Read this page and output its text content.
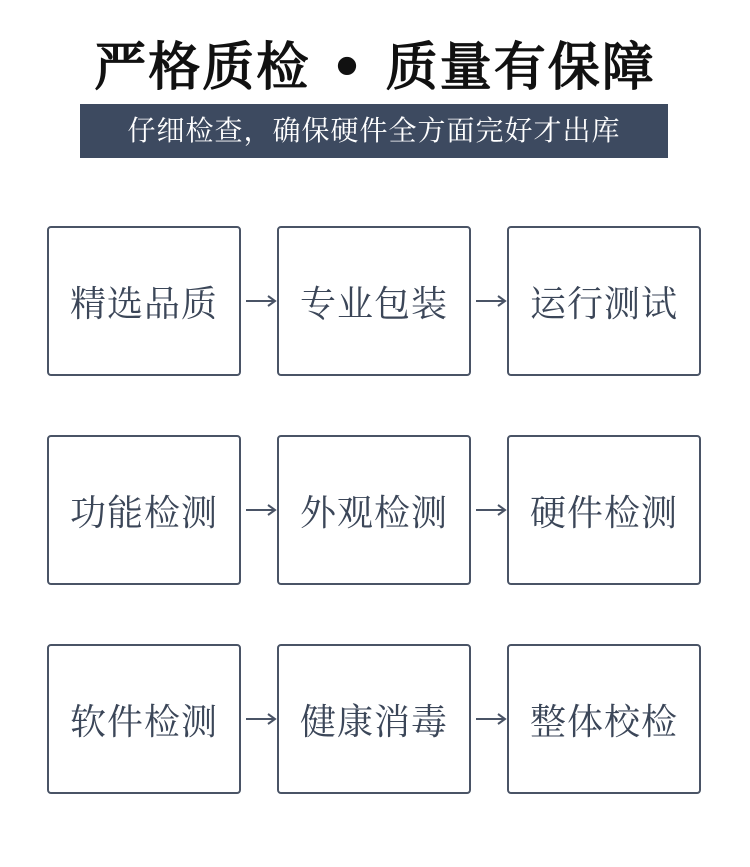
严格质检 • 质量有保障
仔细检查，确保硬件全方面完好才出库
精选品质	专业包装	运行测试
功能检测	外观检测	硬件检测
软件检测	健康消毒	整体校检
